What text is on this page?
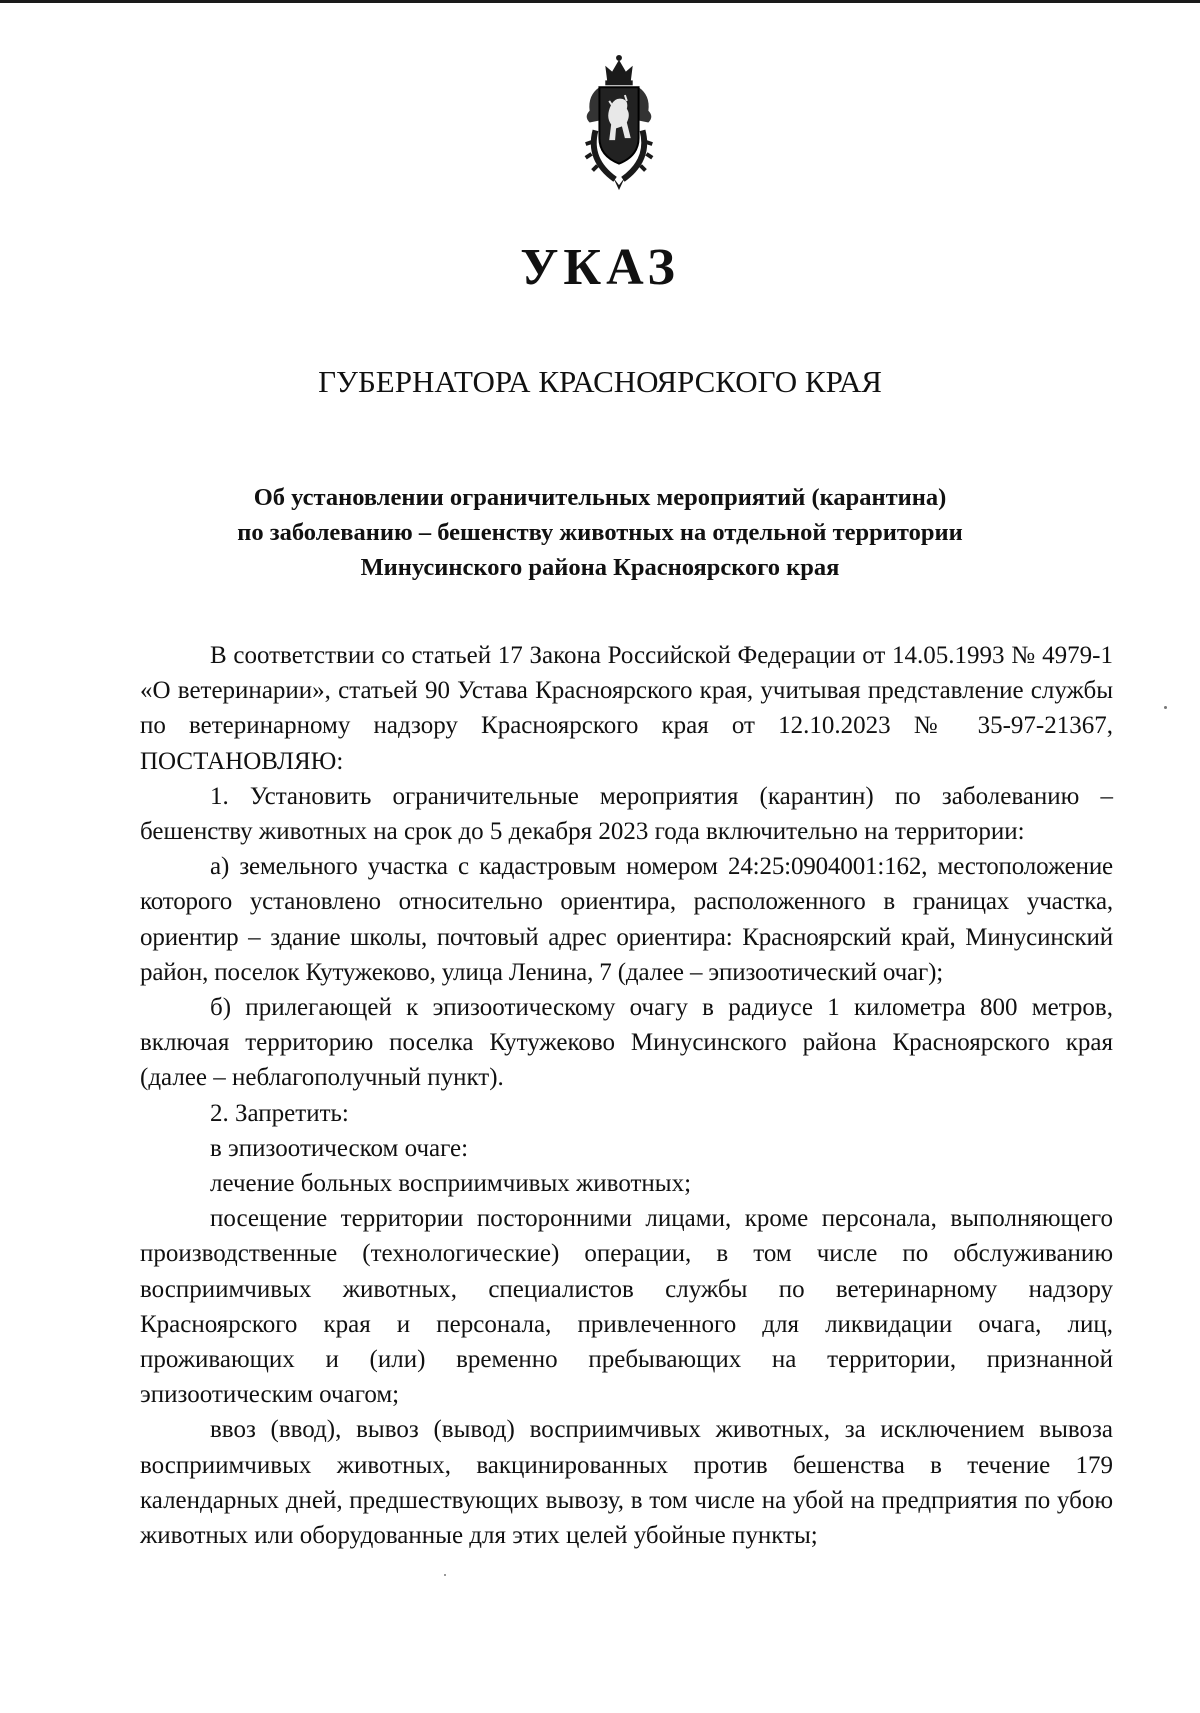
УКАЗ
ГУБЕРНАТОРА КРАСНОЯРСКОГО КРАЯ
Об установлении ограничительных мероприятий (карантина)
по заболеванию – бешенству животных на отдельной территории
Минусинского района Красноярского края

В соответствии со статьей 17 Закона Российской Федерации от 14.05.1993 № 4979-1 «О ветеринарии», статьей 90 Устава Красноярского края, учитывая представление службы по ветеринарному надзору Красноярского края от 12.10.2023 № 35-97-21367, ПОСТАНОВЛЯЮ:

1. Установить ограничительные мероприятия (карантин) по заболеванию – бешенству животных на срок до 5 декабря 2023 года включительно на территории:

а) земельного участка с кадастровым номером 24:25:0904001:162, местоположение которого установлено относительно ориентира, расположенного в границах участка, ориентир – здание школы, почтовый адрес ориентира: Красноярский край, Минусинский район, поселок Кутужеково, улица Ленина, 7 (далее – эпизоотический очаг);

б) прилегающей к эпизоотическому очагу в радиусе 1 километра 800 метров, включая территорию поселка Кутужеково Минусинского района Красноярского края (далее – неблагополучный пункт).

2. Запретить:

в эпизоотическом очаге:

лечение больных восприимчивых животных;

посещение территории посторонними лицами, кроме персонала, выполняющего производственные (технологические) операции, в том числе по обслуживанию восприимчивых животных, специалистов службы по ветеринарному надзору Красноярского края и персонала, привлеченного для ликвидации очага, лиц, проживающих и (или) временно пребывающих на территории, признанной эпизоотическим очагом;

ввоз (ввод), вывоз (вывод) восприимчивых животных, за исключением вывоза восприимчивых животных, вакцинированных против бешенства в течение 179 календарных дней, предшествующих вывозу, в том числе на убой на предприятия по убою животных или оборудованные для этих целей убойные пункты;
